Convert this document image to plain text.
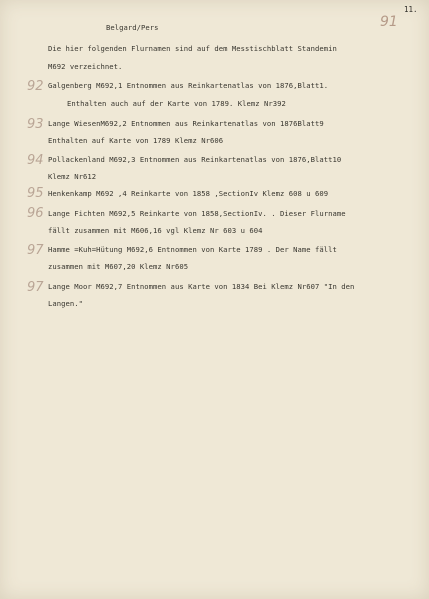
11.
91
Belgard/Pers
Die hier folgenden Flurnamen sind auf dem Messtischblatt Standemin
M692 verzeichnet.
92 Galgenberg M692,1 Entnommen aus Reinkartenatlas von 1876,Blatt1.
Enthalten auch auf der Karte von 1789. Klemz Nr392
93 Lange WiesenM692,2 Entnommen aus Reinkartenatlas von 1876Blatt9
Enthalten auf Karte von 1789 Klemz Nr606
94 Pollackenland M692,3 Entnommen aus Reinkartenatlas von 1876,Blatt10
Klemz Nr612
95 Henkenkamp M692 ,4 Reinkarte von 1858 ,SectionIv Klemz 608 u 609
96 Lange Fichten M692,5 Reinkarte von 1858,SectionIv. . Dieser Flurname
fällt zusammen mit M606,16 vgl Klemz Nr 603 u 604
97 Hamme =Kuh=Hütung M692,6 Entnommen von Karte 1789 . Der Name fällt
zusammen mit M607,20 Klemz Nr605
97 Lange Moor M692,7 Entnommen aus Karte von 1834 Bei Klemz Nr607 "In den
Langen."
